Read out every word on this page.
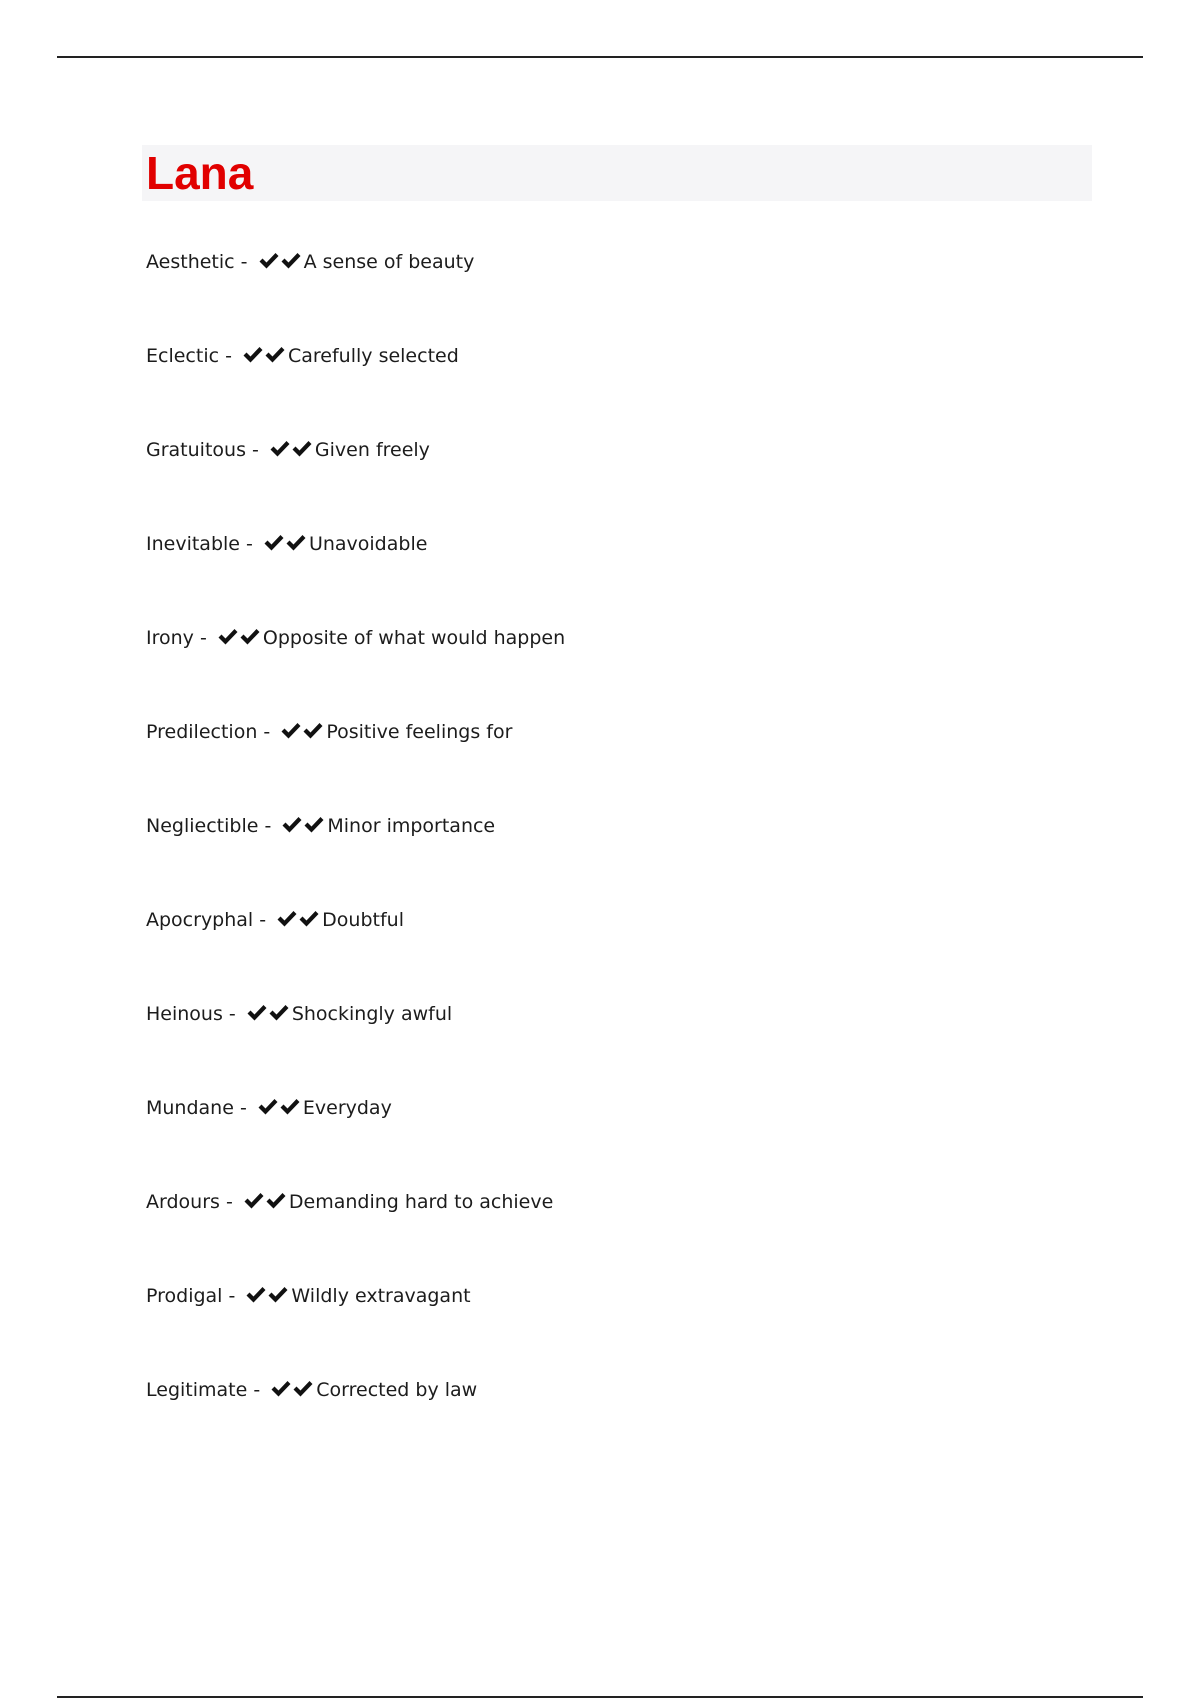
Lana
Aesthetic -	A sense of beauty
Eclectic -	Carefully selected
Gratuitous -	Given freely
Inevitable -	Unavoidable
Irony -	Opposite of what would happen
Predilection -	Positive feelings for
Negliectible -	Minor importance
Apocryphal -	Doubtful
Heinous -	Shockingly awful
Mundane -	Everyday
Ardours -	Demanding hard to achieve
Prodigal -	Wildly extravagant
Legitimate -	Corrected by law
